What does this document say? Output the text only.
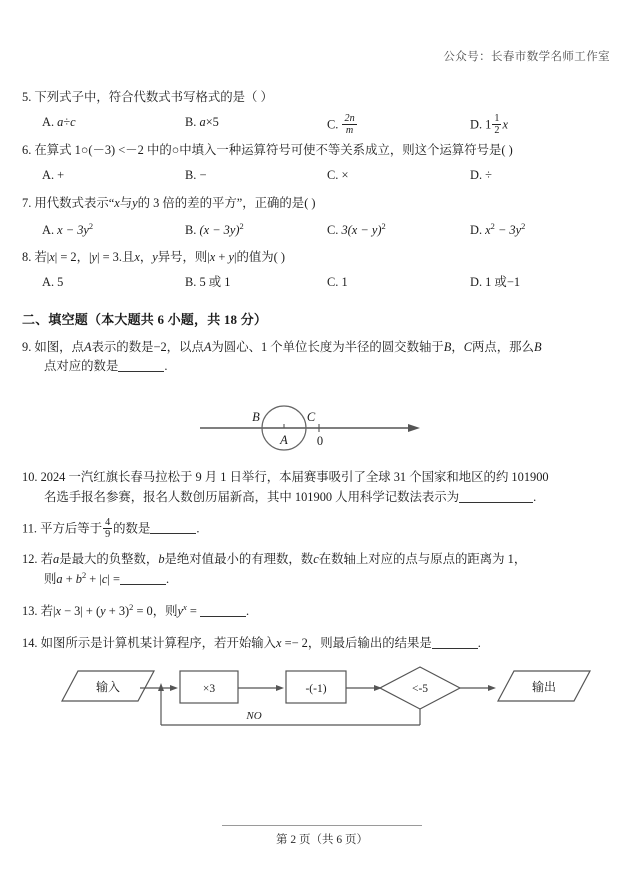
公众号：长春市数学名师工作室
5. 下列式子中，符合代数式书写格式的是（ ）
A. a÷c	B. a×5	C. $\frac{2n}{m}$	D. $1 \frac{1}{2}$ x
6. 在算式 1○(－3) <－2 中的○中填入一种运算符号可使不等关系成立，则这个运算符号是( )
A. +	B. −	C. ×	D. ÷
7. 用代数式表示“x与y的 3 倍的差的平方”，正确的是( )
A. $x - 3y^2$	B. $(x - 3y)^2$	C. $3(x - y)^2$	D. $x^2 - 3y^2$
8. 若|x| = 2，|y| = 3.且x，y异号，则|x + y|的值为( )
A. 5	B. 5 或 1	C. 1	D. 1 或−1
二、填空题（本大题共 6 小题，共 18 分）
9. 如图，点A表示的数是−2，以点A为圆心、1 个单位长度为半径的圆交数轴于B，C两点，那么B
点对应的数是	.
B	C
A 0
10. 2024 一汽红旗长春马拉松于 9 月 1 日举行，本届赛事吸引了全球 31 个国家和地区的约 101900
名选手报名参赛，报名人数创历届新高，其中 101900 人用科学记数法表示为	.
11. 平方后等于 $\frac{4}{9}$ 的数是	.
12. 若a是最大的负整数，b是绝对值最小的有理数，数c在数轴上对应的点与原点的距离为 1，
则$a + b^2 + |c|$ =	.
13. 若$|x - 3| + (y + 3)^2 = 0$，则$y^x$ =	.
14. 如图所示是计算机某计算程序，若开始输入x =− 2，则最后输出的结果是	.
输入	×3	-(-1)	<-5	输出
NO
第 2 页（共 6 页）
